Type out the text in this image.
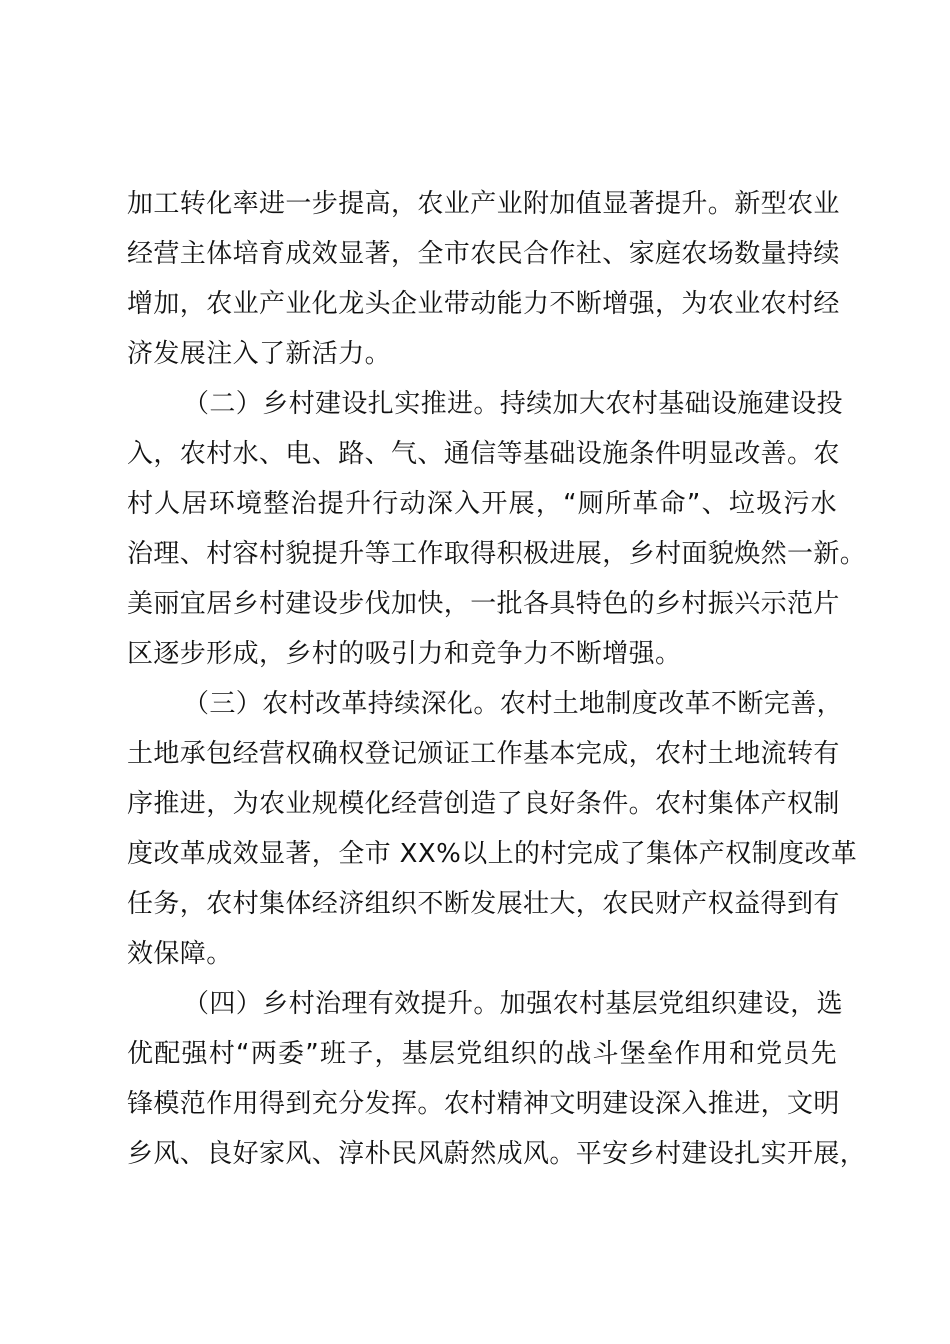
加工转化率进一步提高，农业产业附加值显著提升。新型农业
经营主体培育成效显著，全市农民合作社、家庭农场数量持续
增加，农业产业化龙头企业带动能力不断增强，为农业农村经
济发展注入了新活力。
（二）乡村建设扎实推进。持续加大农村基础设施建设投
入，农村水、电、路、气、通信等基础设施条件明显改善。农
村人居环境整治提升行动深入开展，“厕所革命”、垃圾污水
治理、村容村貌提升等工作取得积极进展，乡村面貌焕然一新。
美丽宜居乡村建设步伐加快，一批各具特色的乡村振兴示范片
区逐步形成，乡村的吸引力和竞争力不断增强。
（三）农村改革持续深化。农村土地制度改革不断完善，
土地承包经营权确权登记颁证工作基本完成，农村土地流转有
序推进，为农业规模化经营创造了良好条件。农村集体产权制
度改革成效显著，全市 XX%以上的村完成了集体产权制度改革
任务，农村集体经济组织不断发展壮大，农民财产权益得到有
效保障。
（四）乡村治理有效提升。加强农村基层党组织建设，选
优配强村“两委”班子，基层党组织的战斗堡垒作用和党员先
锋模范作用得到充分发挥。农村精神文明建设深入推进，文明
乡风、良好家风、淳朴民风蔚然成风。平安乡村建设扎实开展，
